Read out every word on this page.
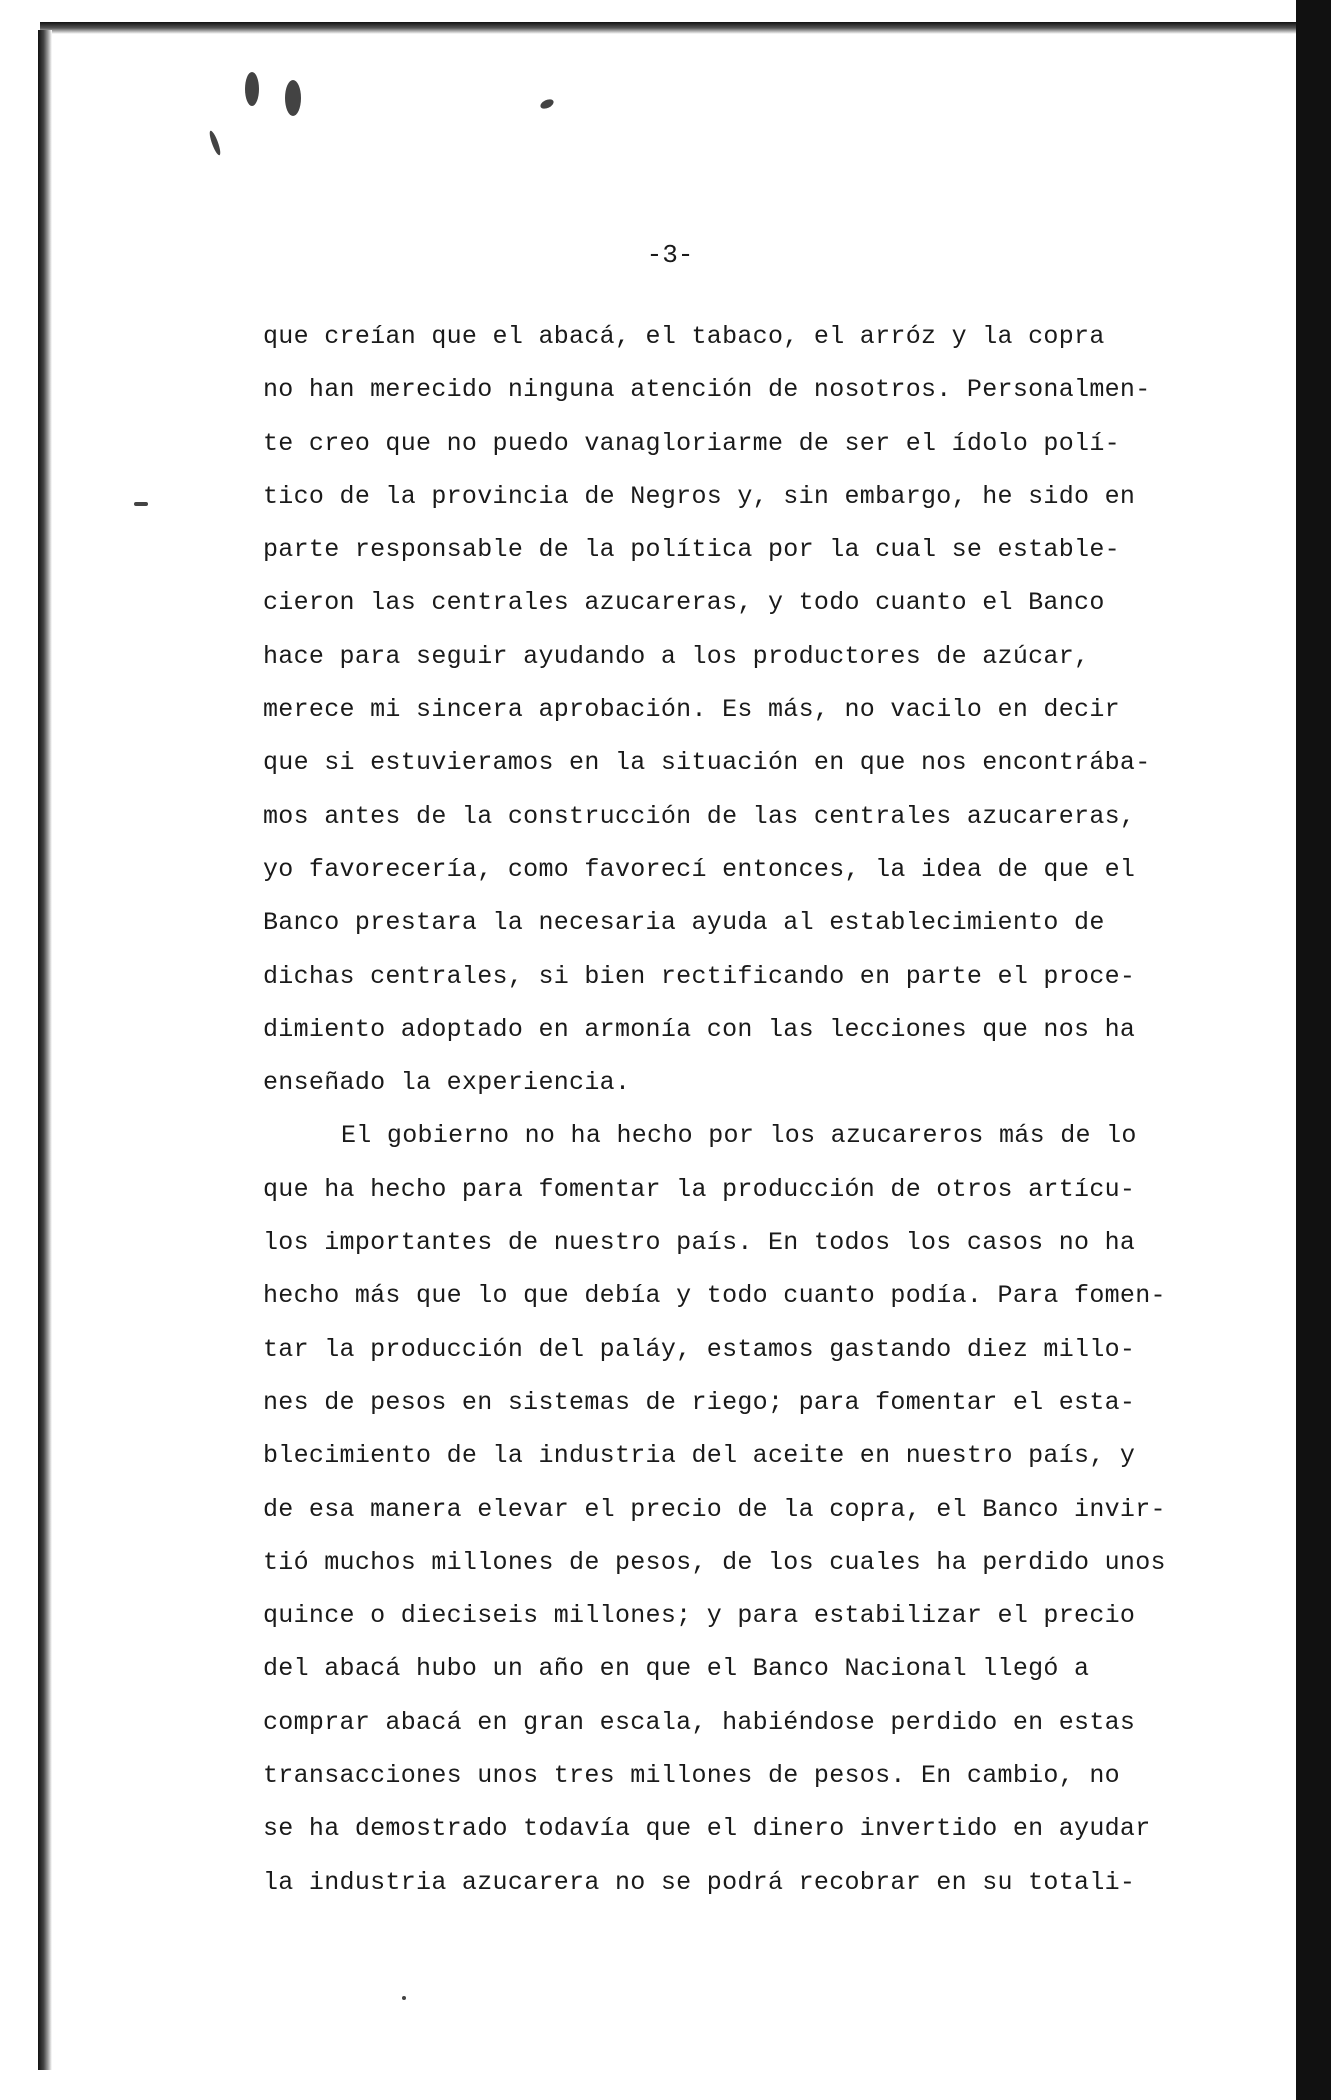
-3-
que creían que el abacá, el tabaco, el arróz y la copra
no han merecido ninguna atención de nosotros. Personalmen-
te creo que no puedo vanagloriarme de ser el ídolo polí-
tico de la provincia de Negros y, sin embargo, he sido en
parte responsable de la política por la cual se estable-
cieron las centrales azucareras, y todo cuanto el Banco
hace para seguir ayudando a los productores de azúcar,
merece mi sincera aprobación. Es más, no vacilo en decir
que si estuvieramos en la situación en que nos encontrába-
mos antes de la construcción de las centrales azucareras,
yo favorecería, como favorecí entonces, la idea de que el
Banco prestara la necesaria ayuda al establecimiento de
dichas centrales, si bien rectificando en parte el proce-
dimiento adoptado en armonía con las lecciones que nos ha
enseñado la experiencia.
El gobierno no ha hecho por los azucareros más de lo
que ha hecho para fomentar la producción de otros artícu-
los importantes de nuestro país. En todos los casos no ha
hecho más que lo que debía y todo cuanto podía. Para fomen-
tar la producción del paláy, estamos gastando diez millo-
nes de pesos en sistemas de riego; para fomentar el esta-
blecimiento de la industria del aceite en nuestro país, y
de esa manera elevar el precio de la copra, el Banco invir-
tió muchos millones de pesos, de los cuales ha perdido unos
quince o dieciseis millones; y para estabilizar el precio
del abacá hubo un año en que el Banco Nacional llegó a
comprar abacá en gran escala, habiéndose perdido en estas
transacciones unos tres millones de pesos. En cambio, no
se ha demostrado todavía que el dinero invertido en ayudar
la industria azucarera no se podrá recobrar en su totali-
